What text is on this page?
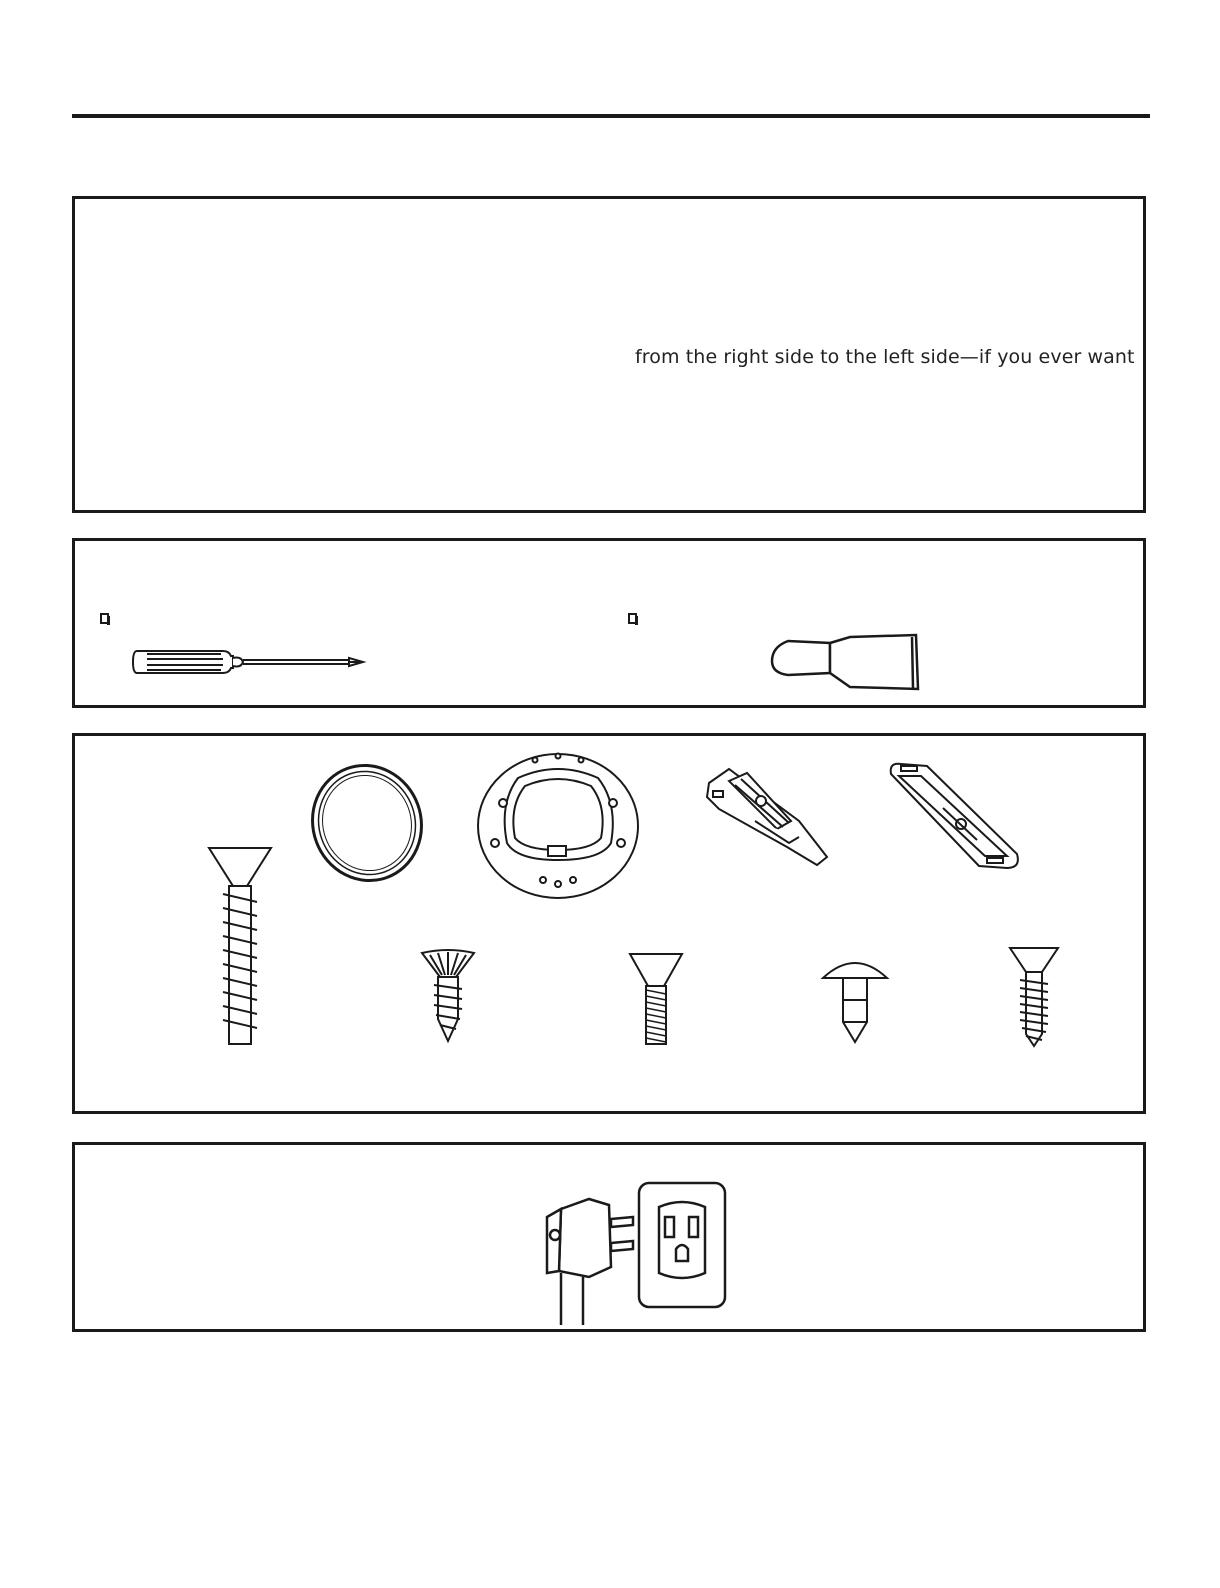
from the right side to the left side—if you ever want
